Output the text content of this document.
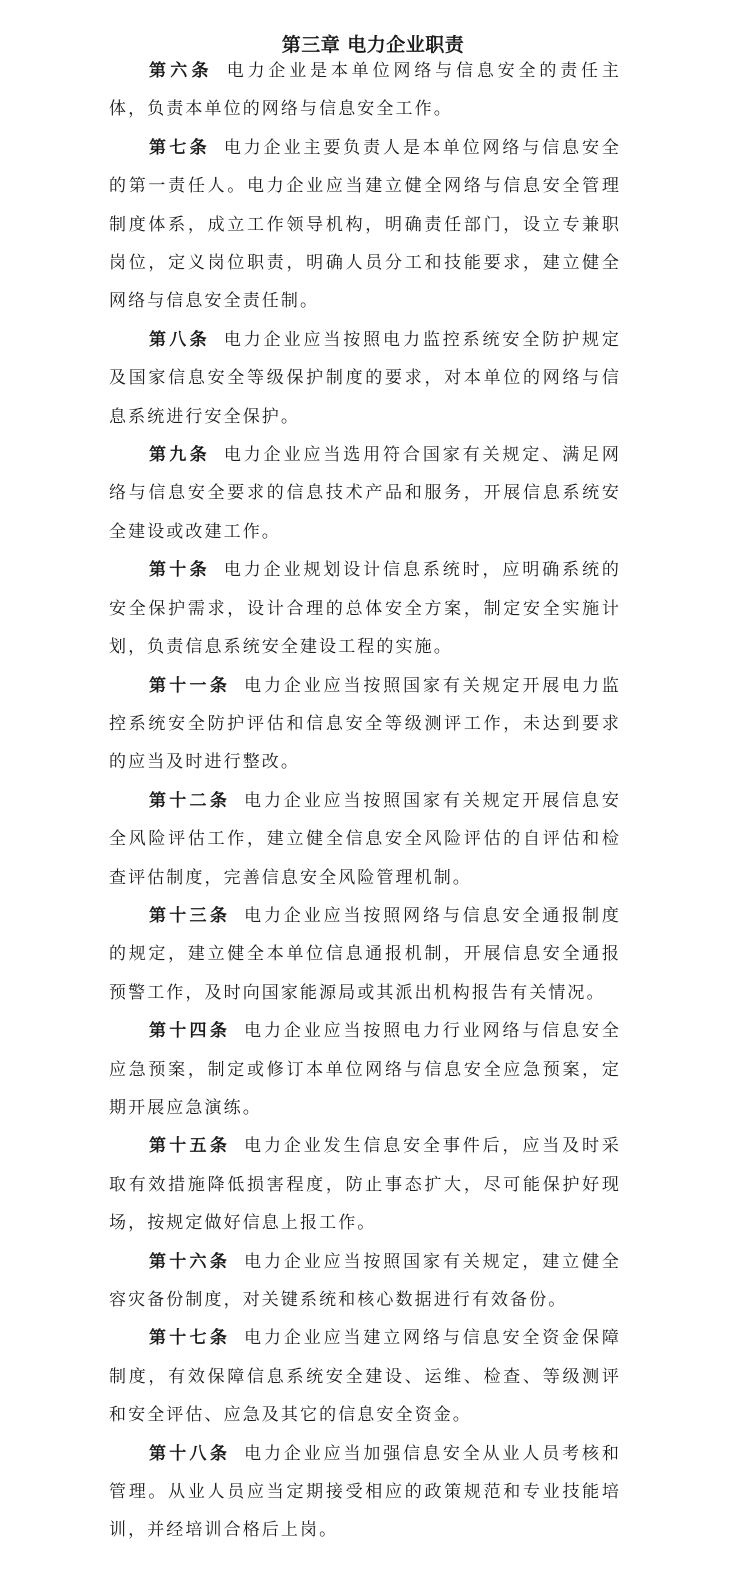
第三章 电力企业职责

第六条 电力企业是本单位网络与信息安全的责任主体，负责本单位的网络与信息安全工作。

第七条 电力企业主要负责人是本单位网络与信息安全的第一责任人。电力企业应当建立健全网络与信息安全管理制度体系，成立工作领导机构，明确责任部门，设立专兼职岗位，定义岗位职责，明确人员分工和技能要求，建立健全网络与信息安全责任制。

第八条 电力企业应当按照电力监控系统安全防护规定及国家信息安全等级保护制度的要求，对本单位的网络与信息系统进行安全保护。

第九条 电力企业应当选用符合国家有关规定、满足网络与信息安全要求的信息技术产品和服务，开展信息系统安全建设或改建工作。

第十条 电力企业规划设计信息系统时，应明确系统的安全保护需求，设计合理的总体安全方案，制定安全实施计划，负责信息系统安全建设工程的实施。

第十一条 电力企业应当按照国家有关规定开展电力监控系统安全防护评估和信息安全等级测评工作，未达到要求的应当及时进行整改。

第十二条 电力企业应当按照国家有关规定开展信息安全风险评估工作，建立健全信息安全风险评估的自评估和检查评估制度，完善信息安全风险管理机制。

第十三条 电力企业应当按照网络与信息安全通报制度的规定，建立健全本单位信息通报机制，开展信息安全通报预警工作，及时向国家能源局或其派出机构报告有关情况。

第十四条 电力企业应当按照电力行业网络与信息安全应急预案，制定或修订本单位网络与信息安全应急预案，定期开展应急演练。

第十五条 电力企业发生信息安全事件后，应当及时采取有效措施降低损害程度，防止事态扩大，尽可能保护好现场，按规定做好信息上报工作。

第十六条 电力企业应当按照国家有关规定，建立健全容灾备份制度，对关键系统和核心数据进行有效备份。

第十七条 电力企业应当建立网络与信息安全资金保障制度，有效保障信息系统安全建设、运维、检查、等级测评和安全评估、应急及其它的信息安全资金。

第十八条 电力企业应当加强信息安全从业人员考核和管理。从业人员应当定期接受相应的政策规范和专业技能培训，并经培训合格后上岗。
